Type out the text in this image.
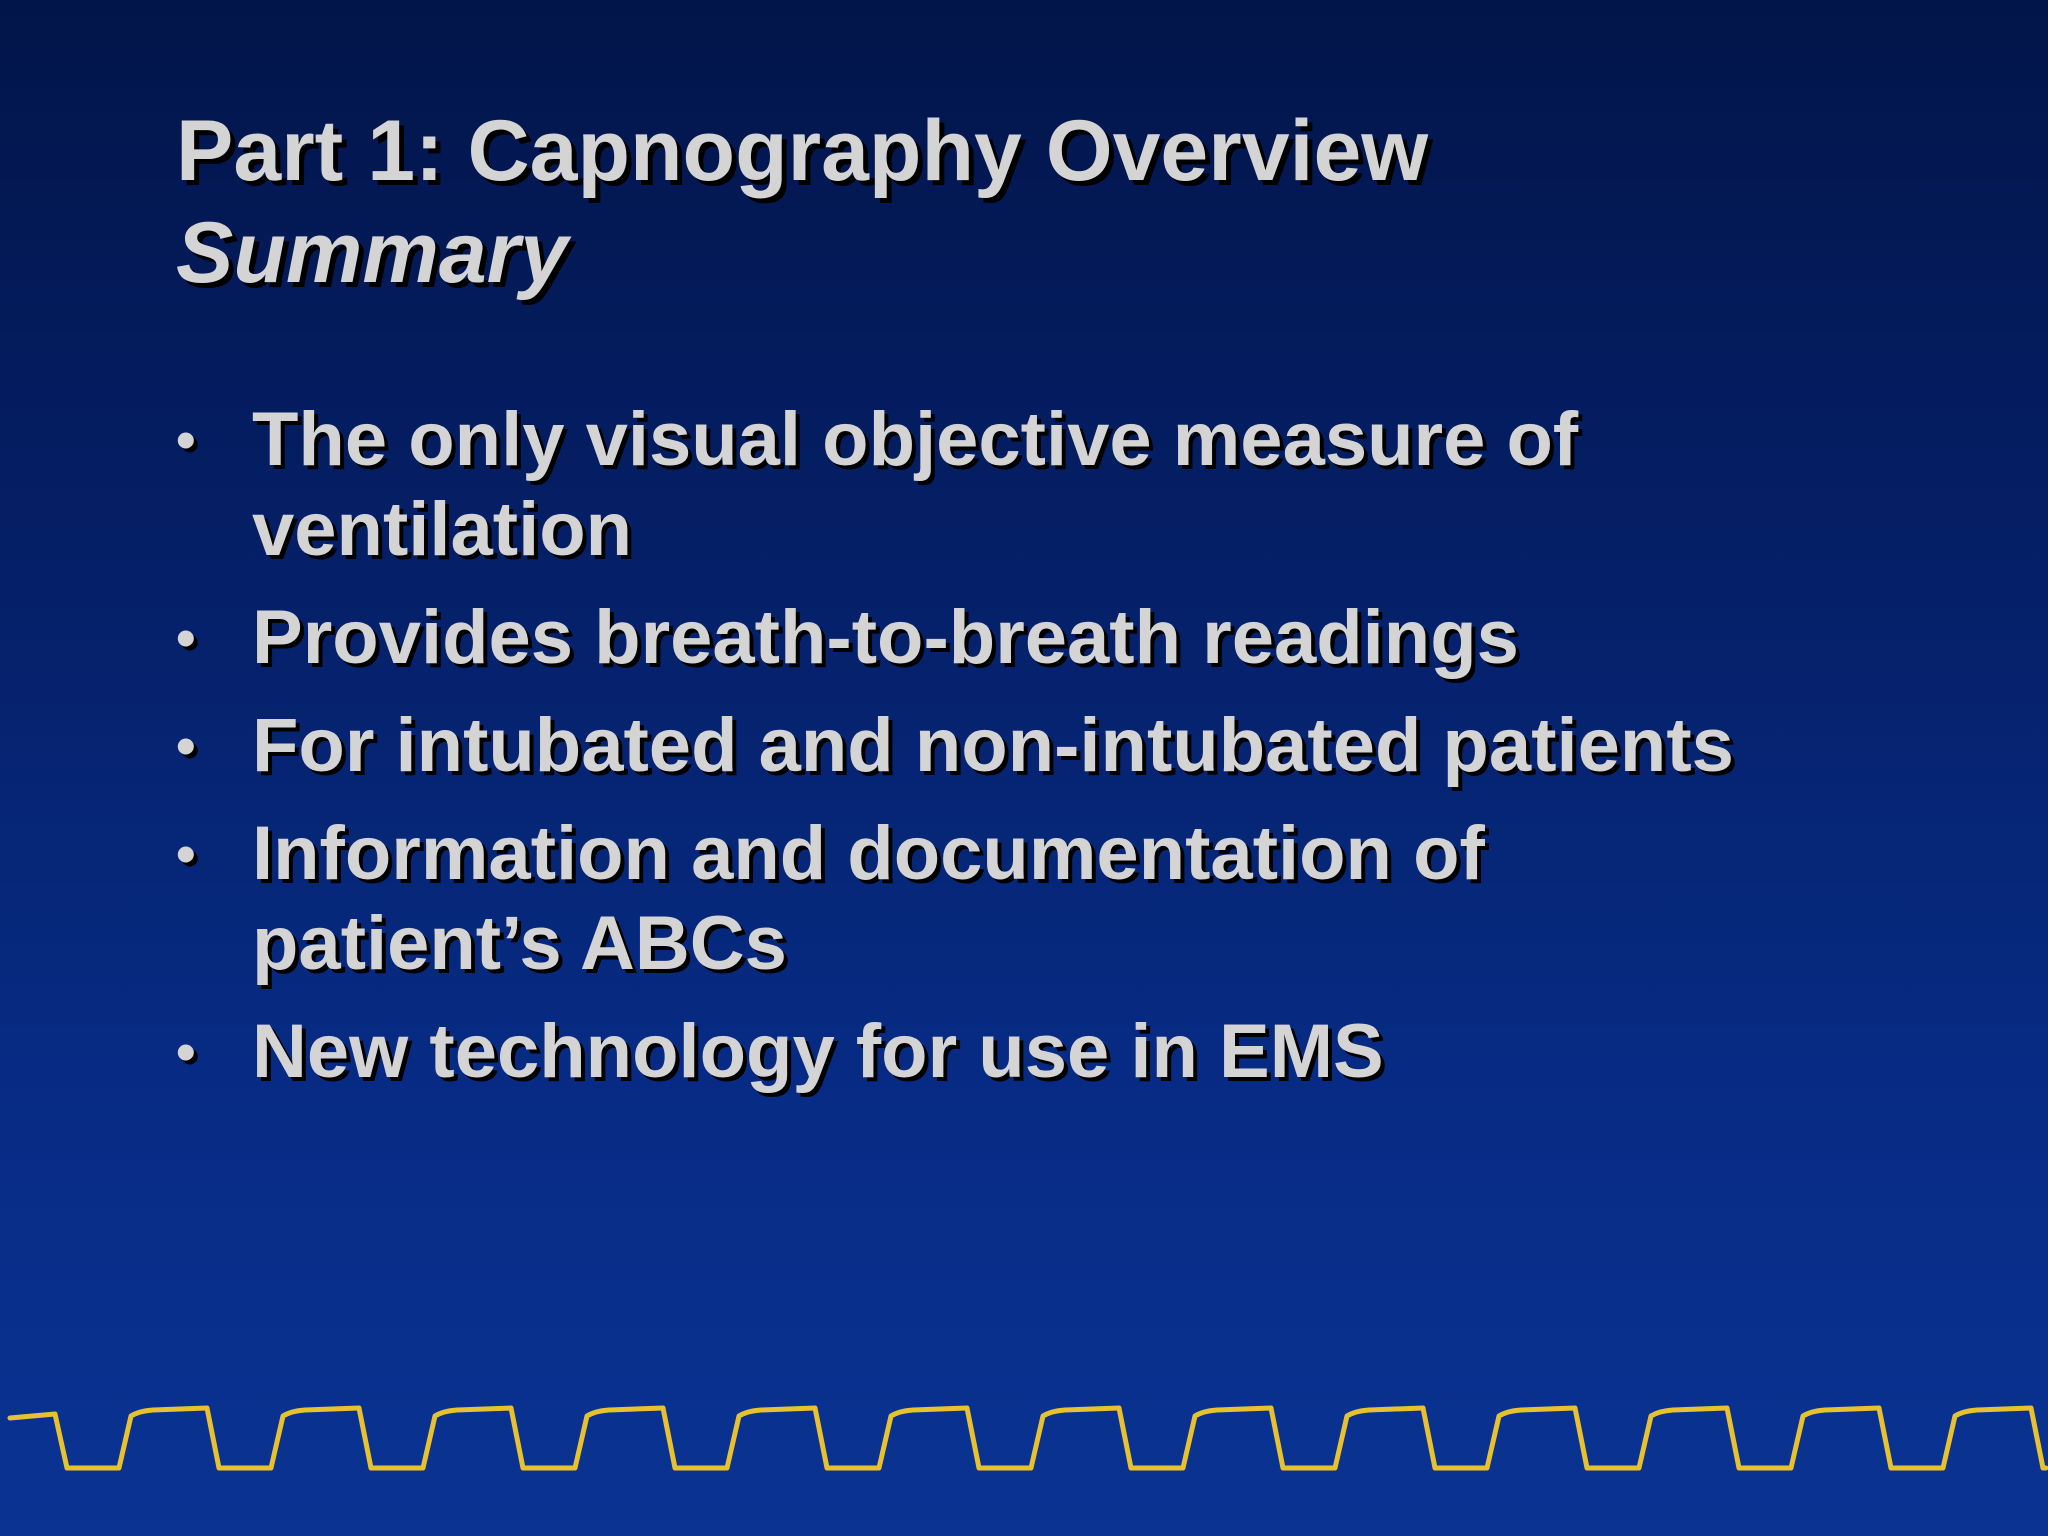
Part 1: Capnography Overview
Summary
• The only visual objective measure of ventilation
• Provides breath-to-breath readings
• For intubated and non-intubated patients
• Information and documentation of patient’s ABCs
• New technology for use in EMS
